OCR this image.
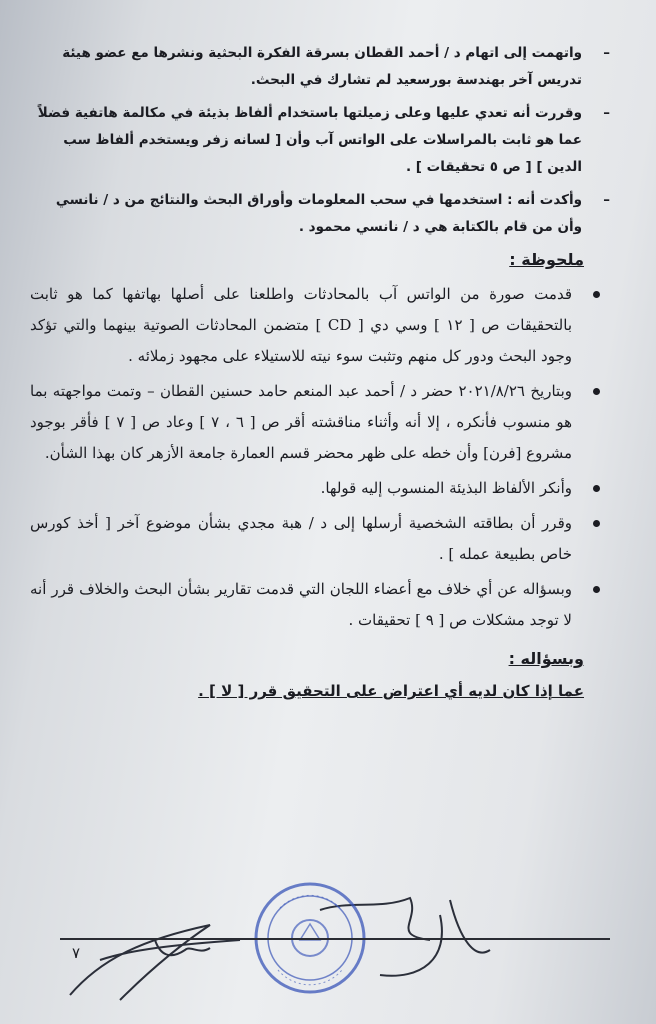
–
واتهمت إلى اتهام د / أحمد القطان بسرقة الفكرة البحثية ونشرها مع عضو هيئة تدريس آخر بهندسة بورسعيد لم تشارك في البحث.

–
وقررت أنه تعدي عليها وعلى زميلتها باستخدام ألفاظ بذيئة في مكالمة هاتفية فضلاً عما هو ثابت بالمراسلات على الواتس آب وأن [ لسانه زفر ويستخدم ألفاظ سب الدين ] [ ص ٥ تحقيقات ] .

–
وأكدت أنه : استخدمها في سحب المعلومات وأوراق البحث والنتائج من د / نانسي وأن من قام بالكتابة هي د / نانسي محمود .

ملحوظة :
قدمت صورة من الواتس آب بالمحادثات واطلعنا على أصلها بهاتفها كما هو ثابت بالتحقيقات ص [ ١٢ ] وسي دي [ CD ] متضمن المحادثات الصوتية بينهما والتي تؤكد وجود البحث ودور كل منهم وتثبت سوء نيته للاستيلاء على مجهود زملائه .
وبتاريخ ٢٠٢١/٨/٢٦ حضر د / أحمد عبد المنعم حامد حسنين القطان – وتمت مواجهته بما هو منسوب فأنكره ، إلا أنه وأثناء مناقشته أقر ص [ ٦ ، ٧ ] وعاد ص [ ٧ ] فأقر بوجود مشروع [فرن] وأن خطه على ظهر محضر قسم العمارة جامعة الأزهر كان بهذا الشأن.
وأنكر الألفاظ البذيئة المنسوب إليه قولها.
وقرر أن بطاقته الشخصية أرسلها إلى د / هبة مجدي بشأن موضوع آخر [ أخذ كورس خاص بطبيعة عمله ] .
وبسؤاله عن أي خلاف مع أعضاء اللجان التي قدمت تقارير بشأن البحث والخلاف قرر أنه لا توجد مشكلات ص [ ٩ ] تحقيقات .
وبسؤاله :
عما إذا كان لديه أي اعتراض على التحقيق قرر [ لا ] .
٧
